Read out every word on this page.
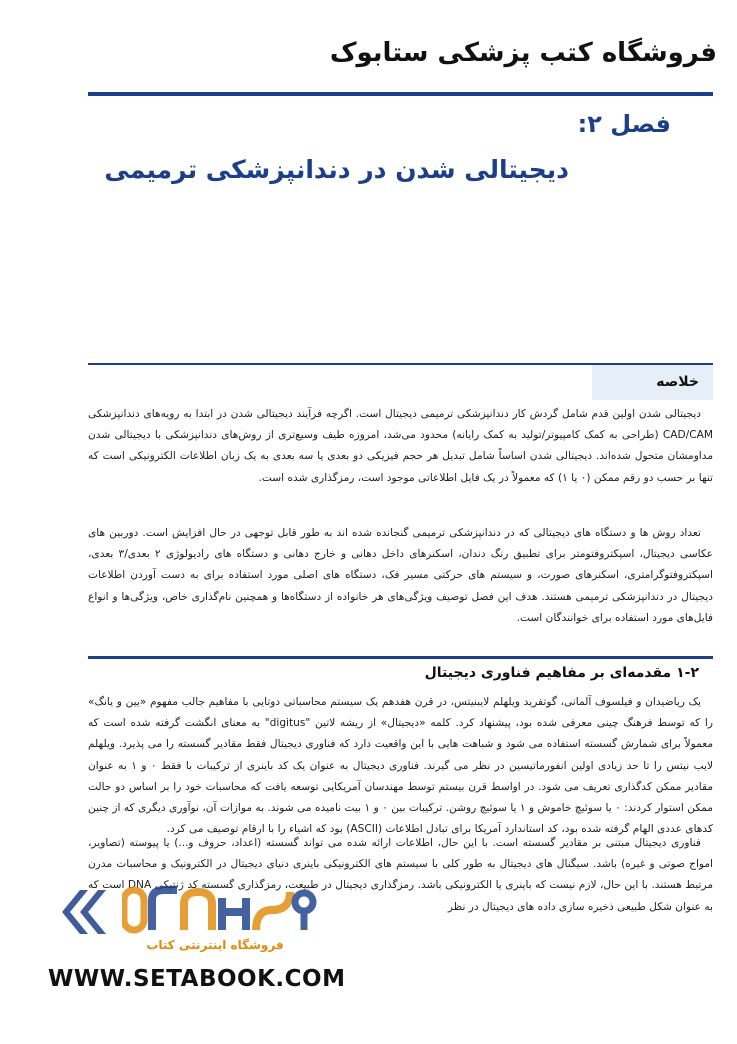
فروشگاه کتب پزشکی ستابوک
فصل ۲:
دیجیتالی شدن در دندانپزشکی ترمیمی
خلاصه

دیجیتالی شدن اولین قدم شامل گردش کار دندانپزشکی ترمیمی دیجیتال است. اگرچه فرآیند دیجیتالی شدن در ابتدا به رویه‌های دندانپزشکی CAD/CAM (طراحی به کمک کامپیوتر/تولید به کمک رایانه) محدود می‌شد، امروزه طیف وسیع‌تری از روش‌های دندانپزشکی با دیجیتالی شدن مداومشان متحول شده‌اند. دیجیتالی شدن اساساً شامل تبدیل هر حجم فیزیکی دو بعدی یا سه بعدی به یک زبان اطلاعات الکترونیکی است که تنها بر حسب دو رقم ممکن (۰ یا ۱) که معمولاً در یک فایل اطلاعاتی موجود است، رمزگذاری شده است.

تعداد روش ها و دستگاه های دیجیتالی که در دندانپزشکی ترمیمی گنجانده شده اند به طور قابل توجهی در حال افزایش است. دوربین های عکاسی دیجیتال، اسپکتروفتومتر برای تطبیق رنگ دندان، اسکنرهای داخل دهانی و خارج دهانی و دستگاه های رادیولوژی ۲ بعدی/۳ بعدی، اسپکتروفتوگرامتری، اسکنرهای صورت، و سیستم های حرکتی مسیر فک، دستگاه های اصلی مورد استفاده برای به دست آوردن اطلاعات دیجیتال در دندانپزشکی ترمیمی هستند. هدف این فصل توصیف ویژگی‌های هر خانواده از دستگاه‌ها و همچنین نام‌گذاری خاص، ویژگی‌ها و انواع فایل‌های مورد استفاده برای خوانندگان است.

۱-۲ مقدمه‌ای بر مفاهیم فناوری دیجیتال

یک ریاضیدان و فیلسوف آلمانی، گوتفرید ویلهلم لایبنیتس، در قرن هفدهم یک سیستم محاسباتی دوتایی با مفاهیم جالب مفهوم «یین و یانگ» را که توسط فرهنگ چینی معرفی شده بود، پیشنهاد کرد. کلمه «دیجیتال» از ریشه لاتین "digitus" به معنای انگشت گرفته شده است که معمولاً برای شمارش گسسته استفاده می شود و شباهت هایی با این واقعیت دارد که فناوری دیجیتال فقط مقادیر گسسته را می پذیرد. ویلهلم لایب نیتس را تا حد زیادی اولین انفورماتیسین در نظر می گیرند. فناوری دیجیتال به عنوان یک کد باینری از ترکیبات با فقط ۰ و ۱ به عنوان مقادیر ممکن کدگذاری تعریف می شود. در اواسط قرن بیستم توسط مهندسان آمریکایی توسعه یافت که محاسبات خود را بر اساس دو حالت ممکن استوار کردند: ۰ یا سوئیچ خاموش و ۱ یا سوئیچ روشن. ترکیبات بین ۰ و ۱ بیت نامیده می شوند. به موازات آن، نوآوری دیگری که از چنین کدهای عددی الهام گرفته شده بود، کد استاندارد آمریکا برای تبادل اطلاعات (ASCII) بود که اشیاء را با ارقام توصیف می کرد.

فناوری دیجیتال مبتنی بر مقادیر گسسته است. با این حال، اطلاعات ارائه شده می تواند گسسته (اعداد، حروف و...) یا پیوسته (تصاویر، امواج صوتی و غیره) باشد. سیگنال های دیجیتال به طور کلی با سیستم های الکترونیکی باینری دنیای دیجیتال در الکترونیک و محاسبات مدرن مرتبط هستند. با این حال، لازم نیست که باینری یا الکترونیکی باشد. رمزگذاری دیجیتال در طبیعت، رمزگذاری گسسته کد ژنتیکی DNA است که به عنوان شکل طبیعی ذخیره سازی داده های دیجیتال در نظر

فروشگاه اینترنتی کتاب
WWW.SETABOOK.COM
